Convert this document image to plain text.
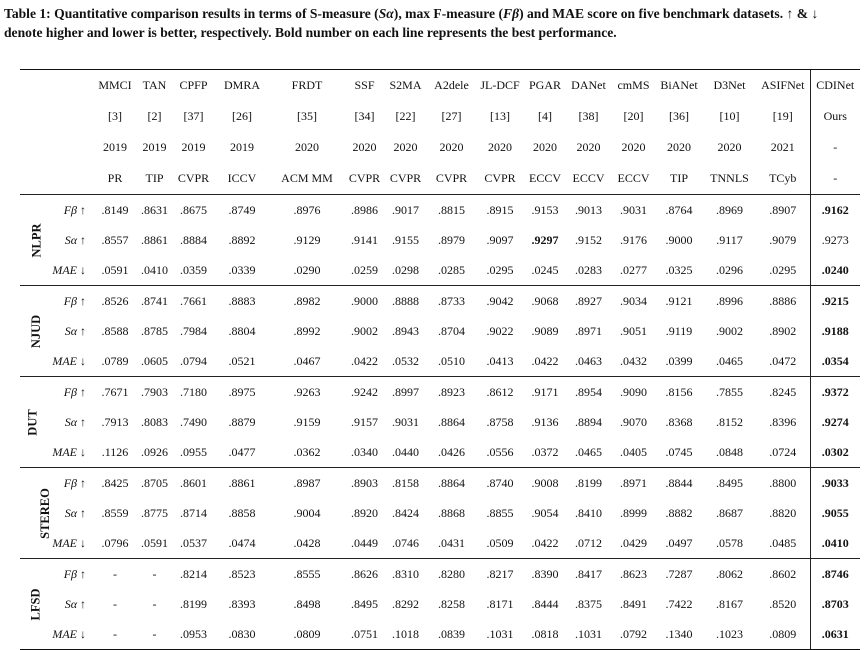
Table 1: Quantitative comparison results in terms of S-measure (Sα), max F-measure (Fβ) and MAE score on five benchmark datasets. ↑ & ↓ denote higher and lower is better, respectively. Bold number on each line represents the best performance.
		MMCI	TAN	CPFP	DMRA	FRDT	SSF	S2MA	A2dele	JL-DCF	PGAR	DANet	cmMS	BiANet	D3Net	ASIFNet	CDINet
		[3]	[2]	[37]	[26]	[35]	[34]	[22]	[27]	[13]	[4]	[38]	[20]	[36]	[10]	[19]	Ours
		2019	2019	2019	2019	2020	2020	2020	2020	2020	2020	2020	2020	2020	2020	2021	-
		PR	TIP	CVPR	ICCV	ACM MM	CVPR	CVPR	CVPR	CVPR	ECCV	ECCV	ECCV	TIP	TNNLS	TCyb	-
NLPR	Fβ ↑	.8149	.8631	.8675	.8749	.8976	.8986	.9017	.8815	.8915	.9153	.9013	.9031	.8764	.8969	.8907	.9162
	Sα ↑	.8557	.8861	.8884	.8892	.9129	.9141	.9155	.8979	.9097	.9297	.9152	.9176	.9000	.9117	.9079	.9273
	MAE ↓	.0591	.0410	.0359	.0339	.0290	.0259	.0298	.0285	.0295	.0245	.0283	.0277	.0325	.0296	.0295	.0240
NJUD	Fβ ↑	.8526	.8741	.7661	.8883	.8982	.9000	.8888	.8733	.9042	.9068	.8927	.9034	.9121	.8996	.8886	.9215
	Sα ↑	.8588	.8785	.7984	.8804	.8992	.9002	.8943	.8704	.9022	.9089	.8971	.9051	.9119	.9002	.8902	.9188
	MAE ↓	.0789	.0605	.0794	.0521	.0467	.0422	.0532	.0510	.0413	.0422	.0463	.0432	.0399	.0465	.0472	.0354
DUT	Fβ ↑	.7671	.7903	.7180	.8975	.9263	.9242	.8997	.8923	.8612	.9171	.8954	.9090	.8156	.7855	.8245	.9372
	Sα ↑	.7913	.8083	.7490	.8879	.9159	.9157	.9031	.8864	.8758	.9136	.8894	.9070	.8368	.8152	.8396	.9274
	MAE ↓	.1126	.0926	.0955	.0477	.0362	.0340	.0440	.0426	.0556	.0372	.0465	.0405	.0745	.0848	.0724	.0302
STEREO	Fβ ↑	.8425	.8705	.8601	.8861	.8987	.8903	.8158	.8864	.8740	.9008	.8199	.8971	.8844	.8495	.8800	.9033
	Sα ↑	.8559	.8775	.8714	.8858	.9004	.8920	.8424	.8868	.8855	.9054	.8410	.8999	.8882	.8687	.8820	.9055
	MAE ↓	.0796	.0591	.0537	.0474	.0428	.0449	.0746	.0431	.0509	.0422	.0712	.0429	.0497	.0578	.0485	.0410
LFSD	Fβ ↑	-	-	.8214	.8523	.8555	.8626	.8310	.8280	.8217	.8390	.8417	.8623	.7287	.8062	.8602	.8746
	Sα ↑	-	-	.8199	.8393	.8498	.8495	.8292	.8258	.8171	.8444	.8375	.8491	.7422	.8167	.8520	.8703
	MAE ↓	-	-	.0953	.0830	.0809	.0751	.1018	.0839	.1031	.0818	.1031	.0792	.1340	.1023	.0809	.0631
